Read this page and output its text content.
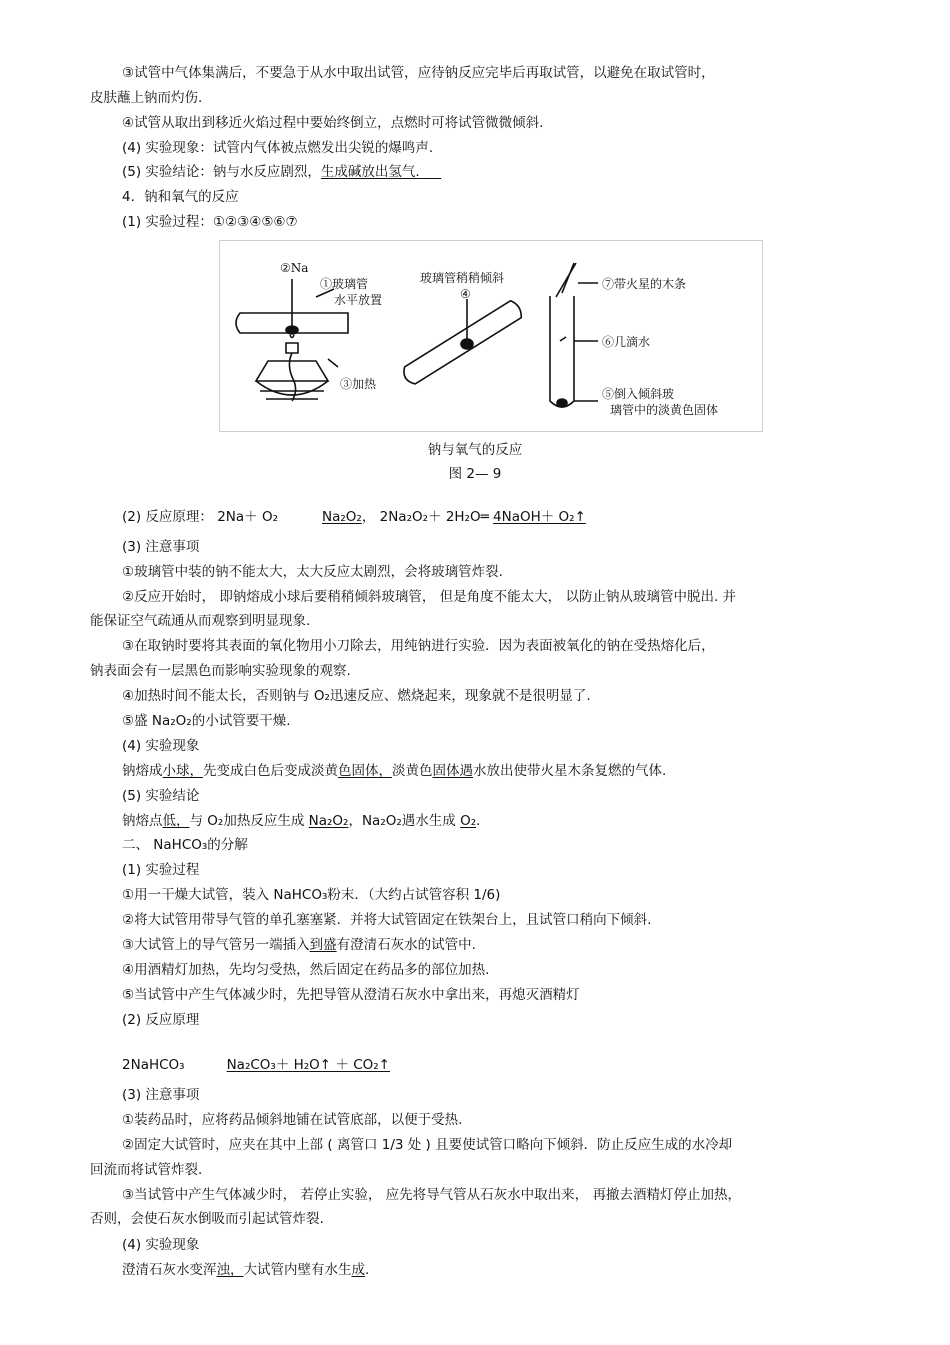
③试管中气体集满后，不要急于从水中取出试管，应待钠反应完毕后再取试管，以避免在取试管时，
皮肤蘸上钠而灼伤.
④试管从取出到移近火焰过程中要始终倒立，点燃时可将试管微微倾斜.
(4) 实验现象：试管内气体被点燃发出尖锐的爆鸣声.
(5) 实验结论：钠与水反应剧烈，生成碱放出氢气.
4．钠和氧气的反应
(1) 实验过程：①②③④⑤⑥⑦
②Na
①玻璃管
水平放置
③加热
玻璃管稍稍倾斜
④
⑦带火星的木条
⑥几滴水
⑤倒入倾斜玻
璃管中的淡黄色固体
钠与氧气的反应
图 2— 9
(2) 反应原理： 2Na＋ O₂	Na₂O₂， 2Na₂O₂＋ 2H₂O═ 4NaOH＋ O₂↑
(3) 注意事项
①玻璃管中装的钠不能太大，太大反应太剧烈，会将玻璃管炸裂.
②反应开始时， 即钠熔成小球后要稍稍倾斜玻璃管， 但是角度不能太大， 以防止钠从玻璃管中脱出. 并
能保证空气疏通从而观察到明显现象.
③在取钠时要将其表面的氧化物用小刀除去，用纯钠进行实验．因为表面被氧化的钠在受热熔化后，
钠表面会有一层黑色而影响实验现象的观察.
④加热时间不能太长，否则钠与 O₂迅速反应、燃烧起来，现象就不是很明显了.
⑤盛 Na₂O₂的小试管要干燥.
(4) 实验现象
钠熔成小球，先变成白色后变成淡黄色固体，淡黄色固体遇水放出使带火星木条复燃的气体.
(5) 实验结论
钠熔点低，与 O₂加热反应生成 Na₂O₂，Na₂O₂遇水生成 O₂.
二、 NaHCO₃的分解
(1) 实验过程
①用一干燥大试管，装入 NaHCO₃粉末．（大约占试管容积 1/6)
②将大试管用带导气管的单孔塞塞紧．并将大试管固定在铁架台上，且试管口稍向下倾斜.
③大试管上的导气管另一端插入到盛有澄清石灰水的试管中.
④用酒精灯加热，先均匀受热，然后固定在药品多的部位加热.
⑤当试管中产生气体减少时，先把导管从澄清石灰水中拿出来，再熄灭酒精灯
(2) 反应原理
2NaHCO₃	Na₂CO₃＋ H₂O↑ ＋ CO₂↑
(3) 注意事项
①装药品时，应将药品倾斜地铺在试管底部，以便于受热.
②固定大试管时，应夹在其中上部 ( 离管口 1/3 处 ) 且要使试管口略向下倾斜．防止反应生成的水冷却
回流而将试管炸裂.
③当试管中产生气体减少时， 若停止实验， 应先将导气管从石灰水中取出来， 再撤去酒精灯停止加热，
否则，会使石灰水倒吸而引起试管炸裂.
(4) 实验现象
澄清石灰水变浑浊，大试管内壁有水生成.
